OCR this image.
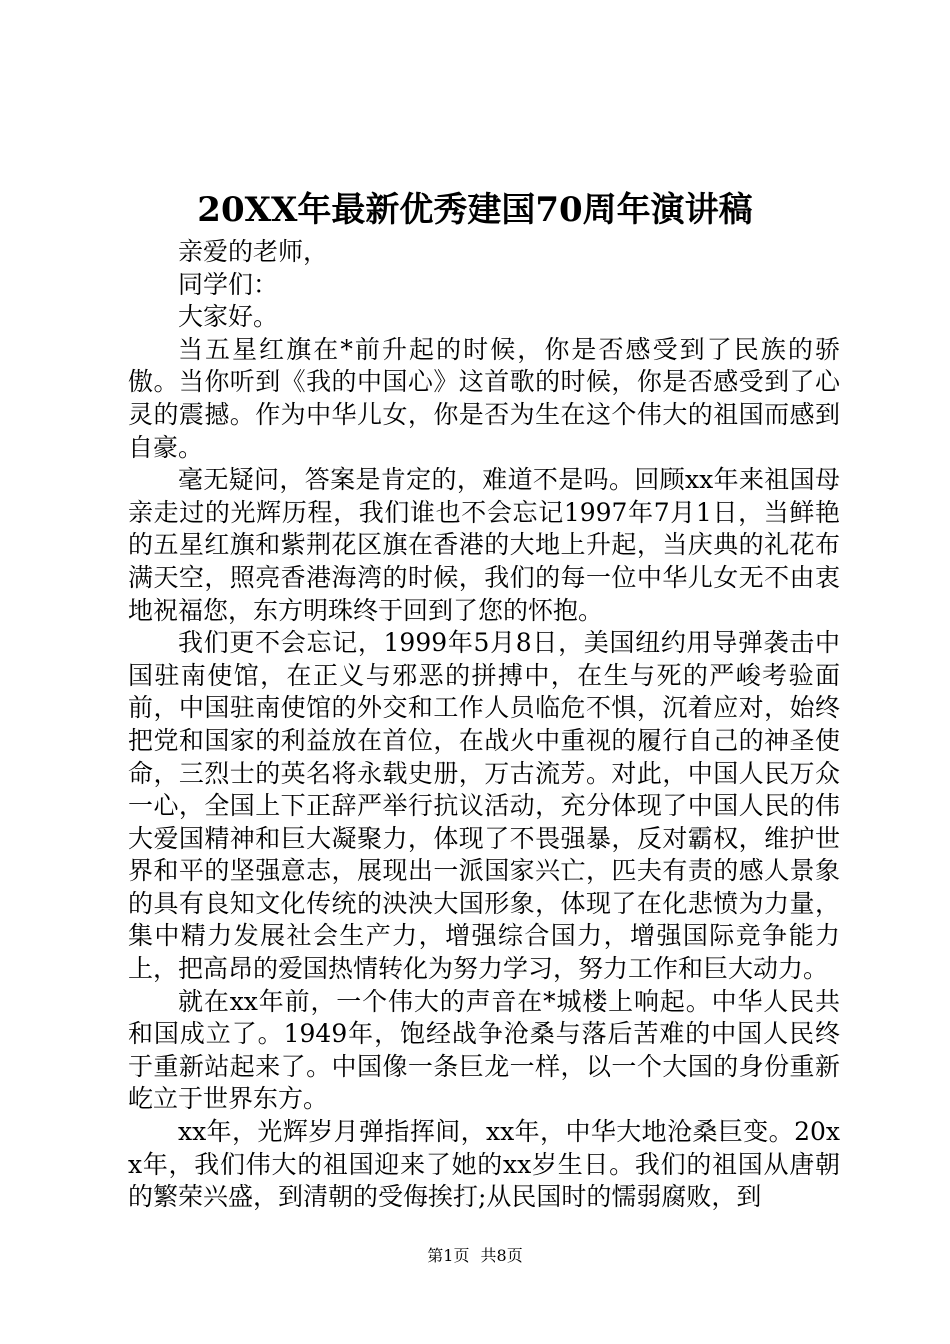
20XX年最新优秀建国70周年演讲稿

亲爱的老师，

同学们：

大家好。

当五星红旗在*前升起的时候，你是否感受到了民族的骄傲。当你听到《我的中国心》这首歌的时候，你是否感受到了心灵的震撼。作为中华儿女，你是否为生在这个伟大的祖国而感到自豪。

毫无疑问，答案是肯定的，难道不是吗。回顾xx年来祖国母亲走过的光辉历程，我们谁也不会忘记1997年7月1日，当鲜艳的五星红旗和紫荆花区旗在香港的大地上升起，当庆典的礼花布满天空，照亮香港海湾的时候，我们的每一位中华儿女无不由衷地祝福您，东方明珠终于回到了您的怀抱。

我们更不会忘记，1999年5月8日，美国纽约用导弹袭击中国驻南使馆，在正义与邪恶的拼搏中，在生与死的严峻考验面前，中国驻南使馆的外交和工作人员临危不惧，沉着应对，始终把党和国家的利益放在首位，在战火中重视的履行自己的神圣使命，三烈士的英名将永载史册，万古流芳。对此，中国人民万众一心，全国上下正辞严举行抗议活动，充分体现了中国人民的伟大爱国精神和巨大凝聚力，体现了不畏强暴，反对霸权，维护世界和平的坚强意志，展现出一派国家兴亡，匹夫有责的感人景象的具有良知文化传统的泱泱大国形象，体现了在化悲愤为力量，集中精力发展社会生产力，增强综合国力，增强国际竞争能力上，把高昂的爱国热情转化为努力学习，努力工作和巨大动力。

就在xx年前，一个伟大的声音在*城楼上响起。中华人民共和国成立了。1949年，饱经战争沧桑与落后苦难的中国人民终于重新站起来了。中国像一条巨龙一样，以一个大国的身份重新屹立于世界东方。

xx年，光辉岁月弹指挥间，xx年，中华大地沧桑巨变。20xx年，我们伟大的祖国迎来了她的xx岁生日。我们的祖国从唐朝的繁荣兴盛，到清朝的受侮挨打;从民国时的懦弱腐败，到

第1页 共8页
